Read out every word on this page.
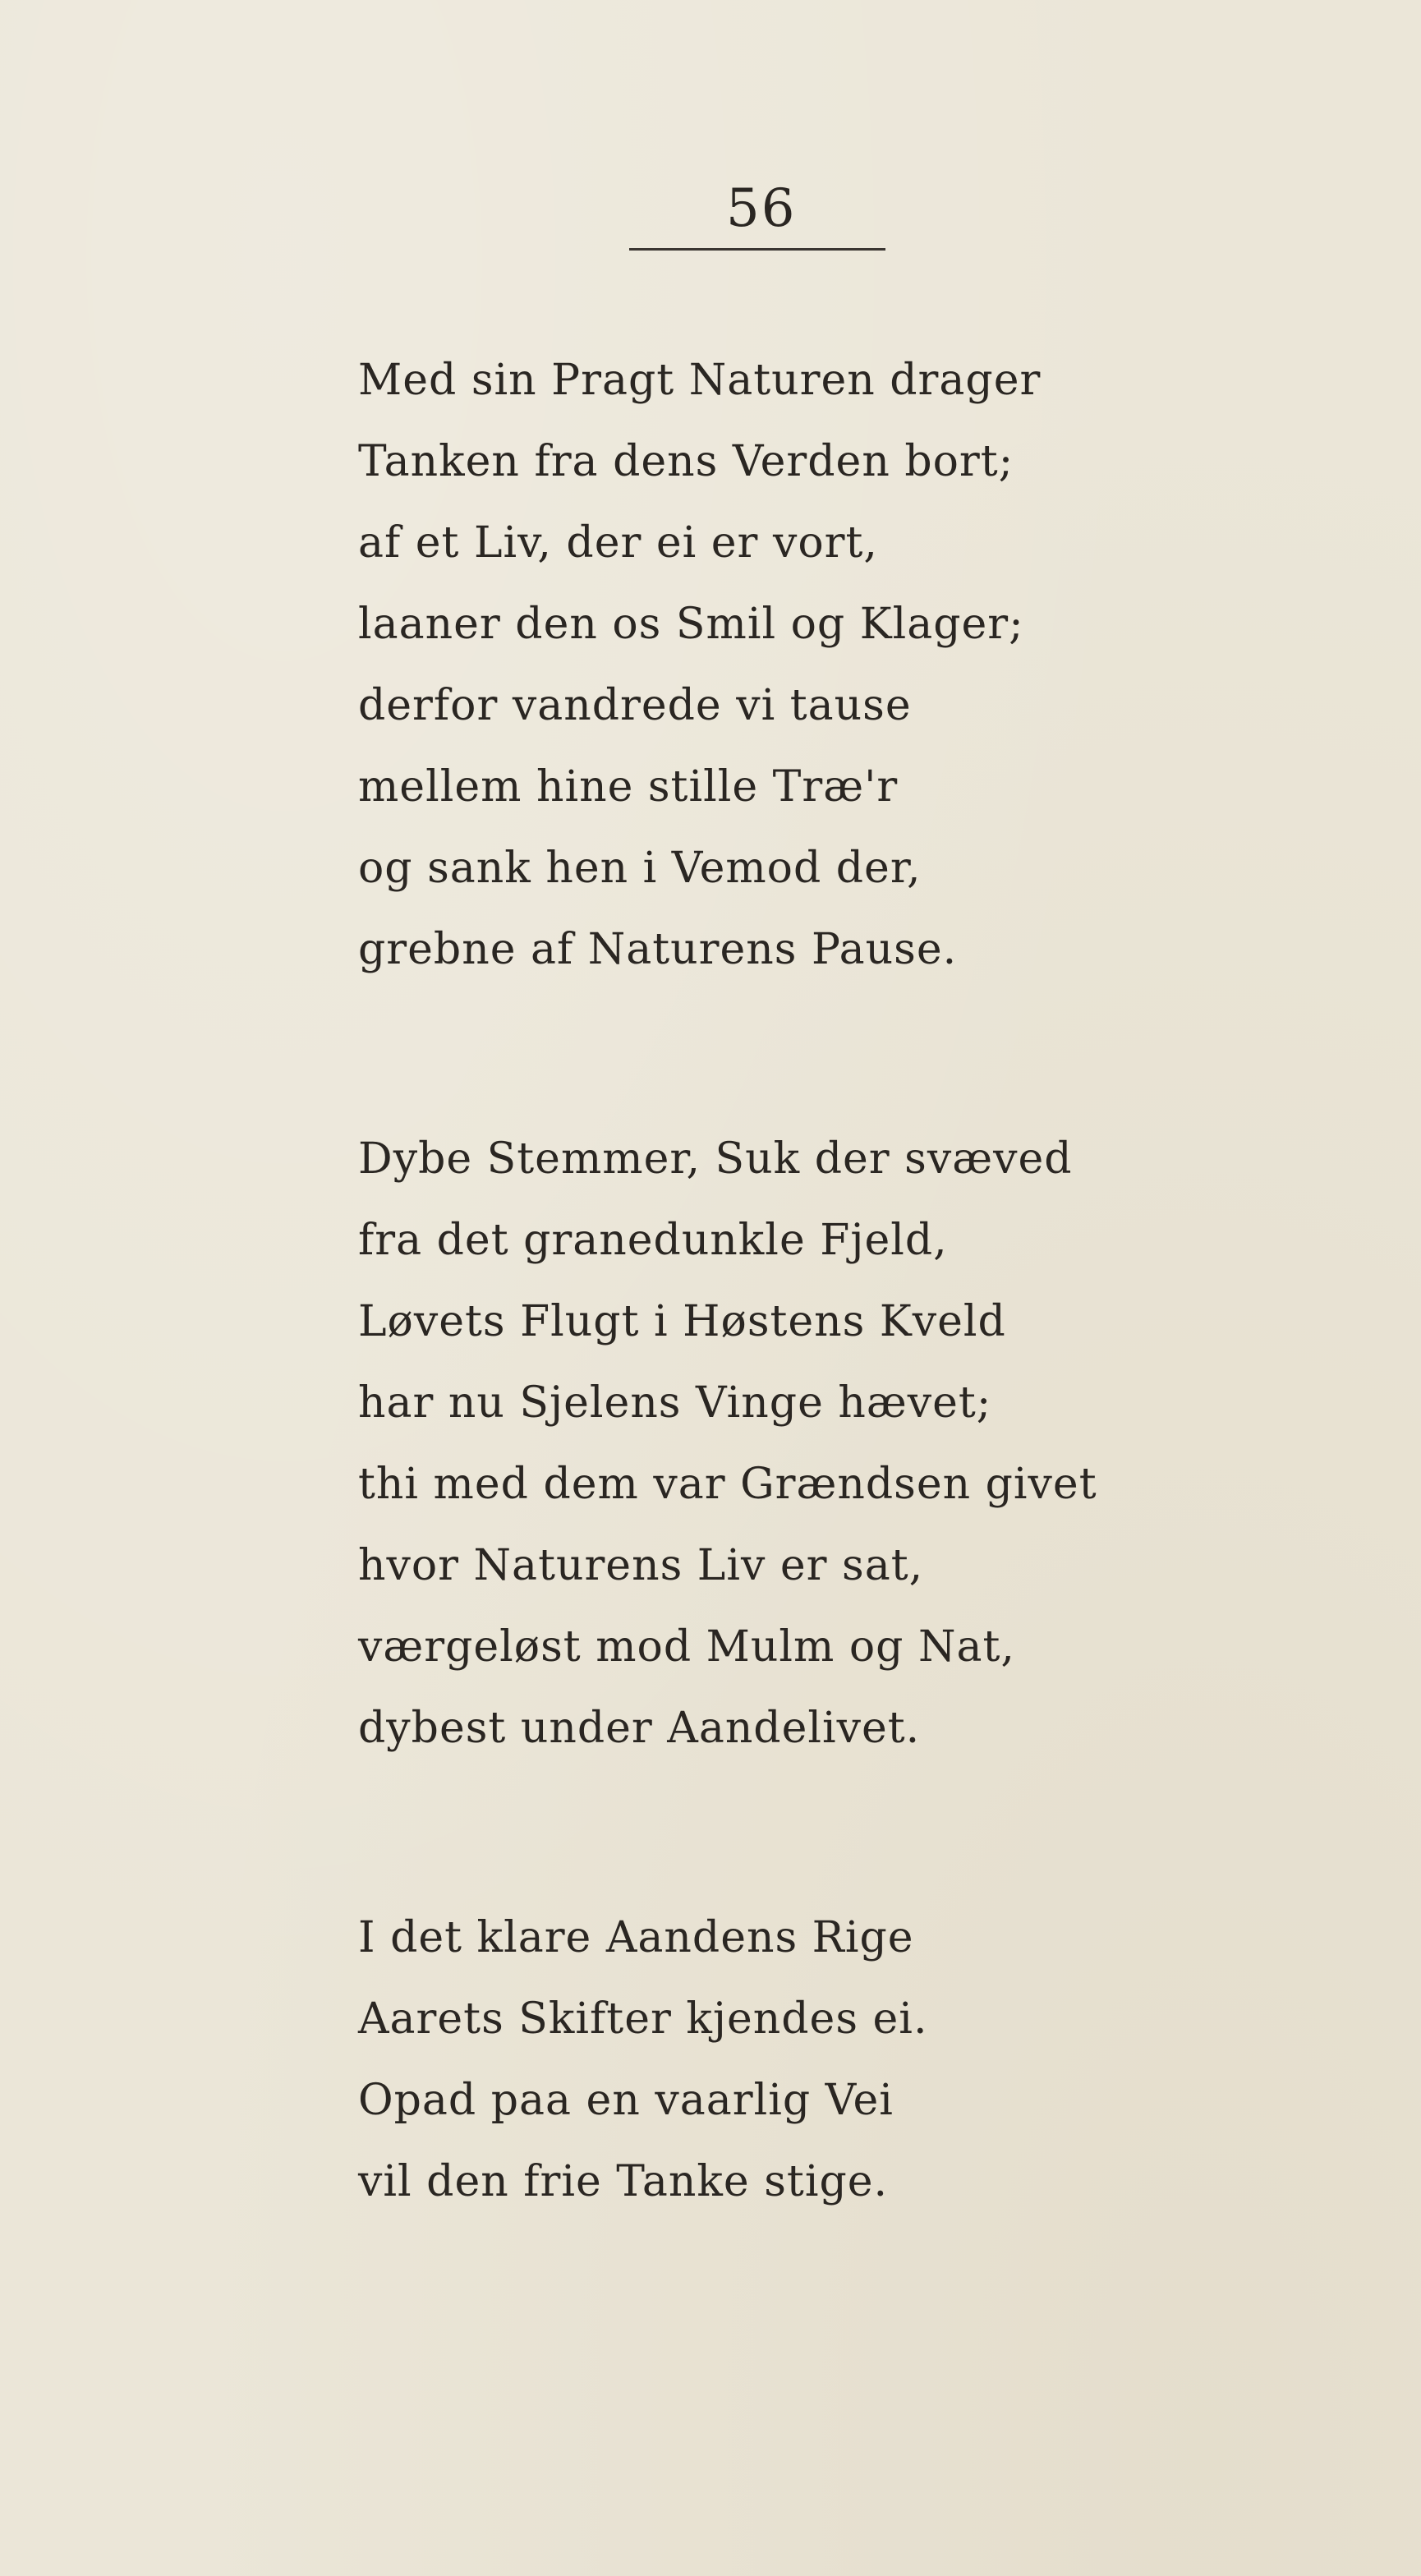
56
Med sin Pragt Naturen drager
Tanken fra dens Verden bort;
af et Liv, der ei er vort,
laaner den os Smil og Klager;
derfor vandrede vi tause
mellem hine stille Træ'r
og sank hen i Vemod der,
grebne af Naturens Pause.
Dybe Stemmer, Suk der svæved
fra det granedunkle Fjeld,
Løvets Flugt i Høstens Kveld
har nu Sjelens Vinge hævet;
thi med dem var Grændsen givet
hvor Naturens Liv er sat,
værgeløst mod Mulm og Nat,
dybest under Aandelivet.
I det klare Aandens Rige
Aarets Skifter kjendes ei.
Opad paa en vaarlig Vei
vil den frie Tanke stige.
